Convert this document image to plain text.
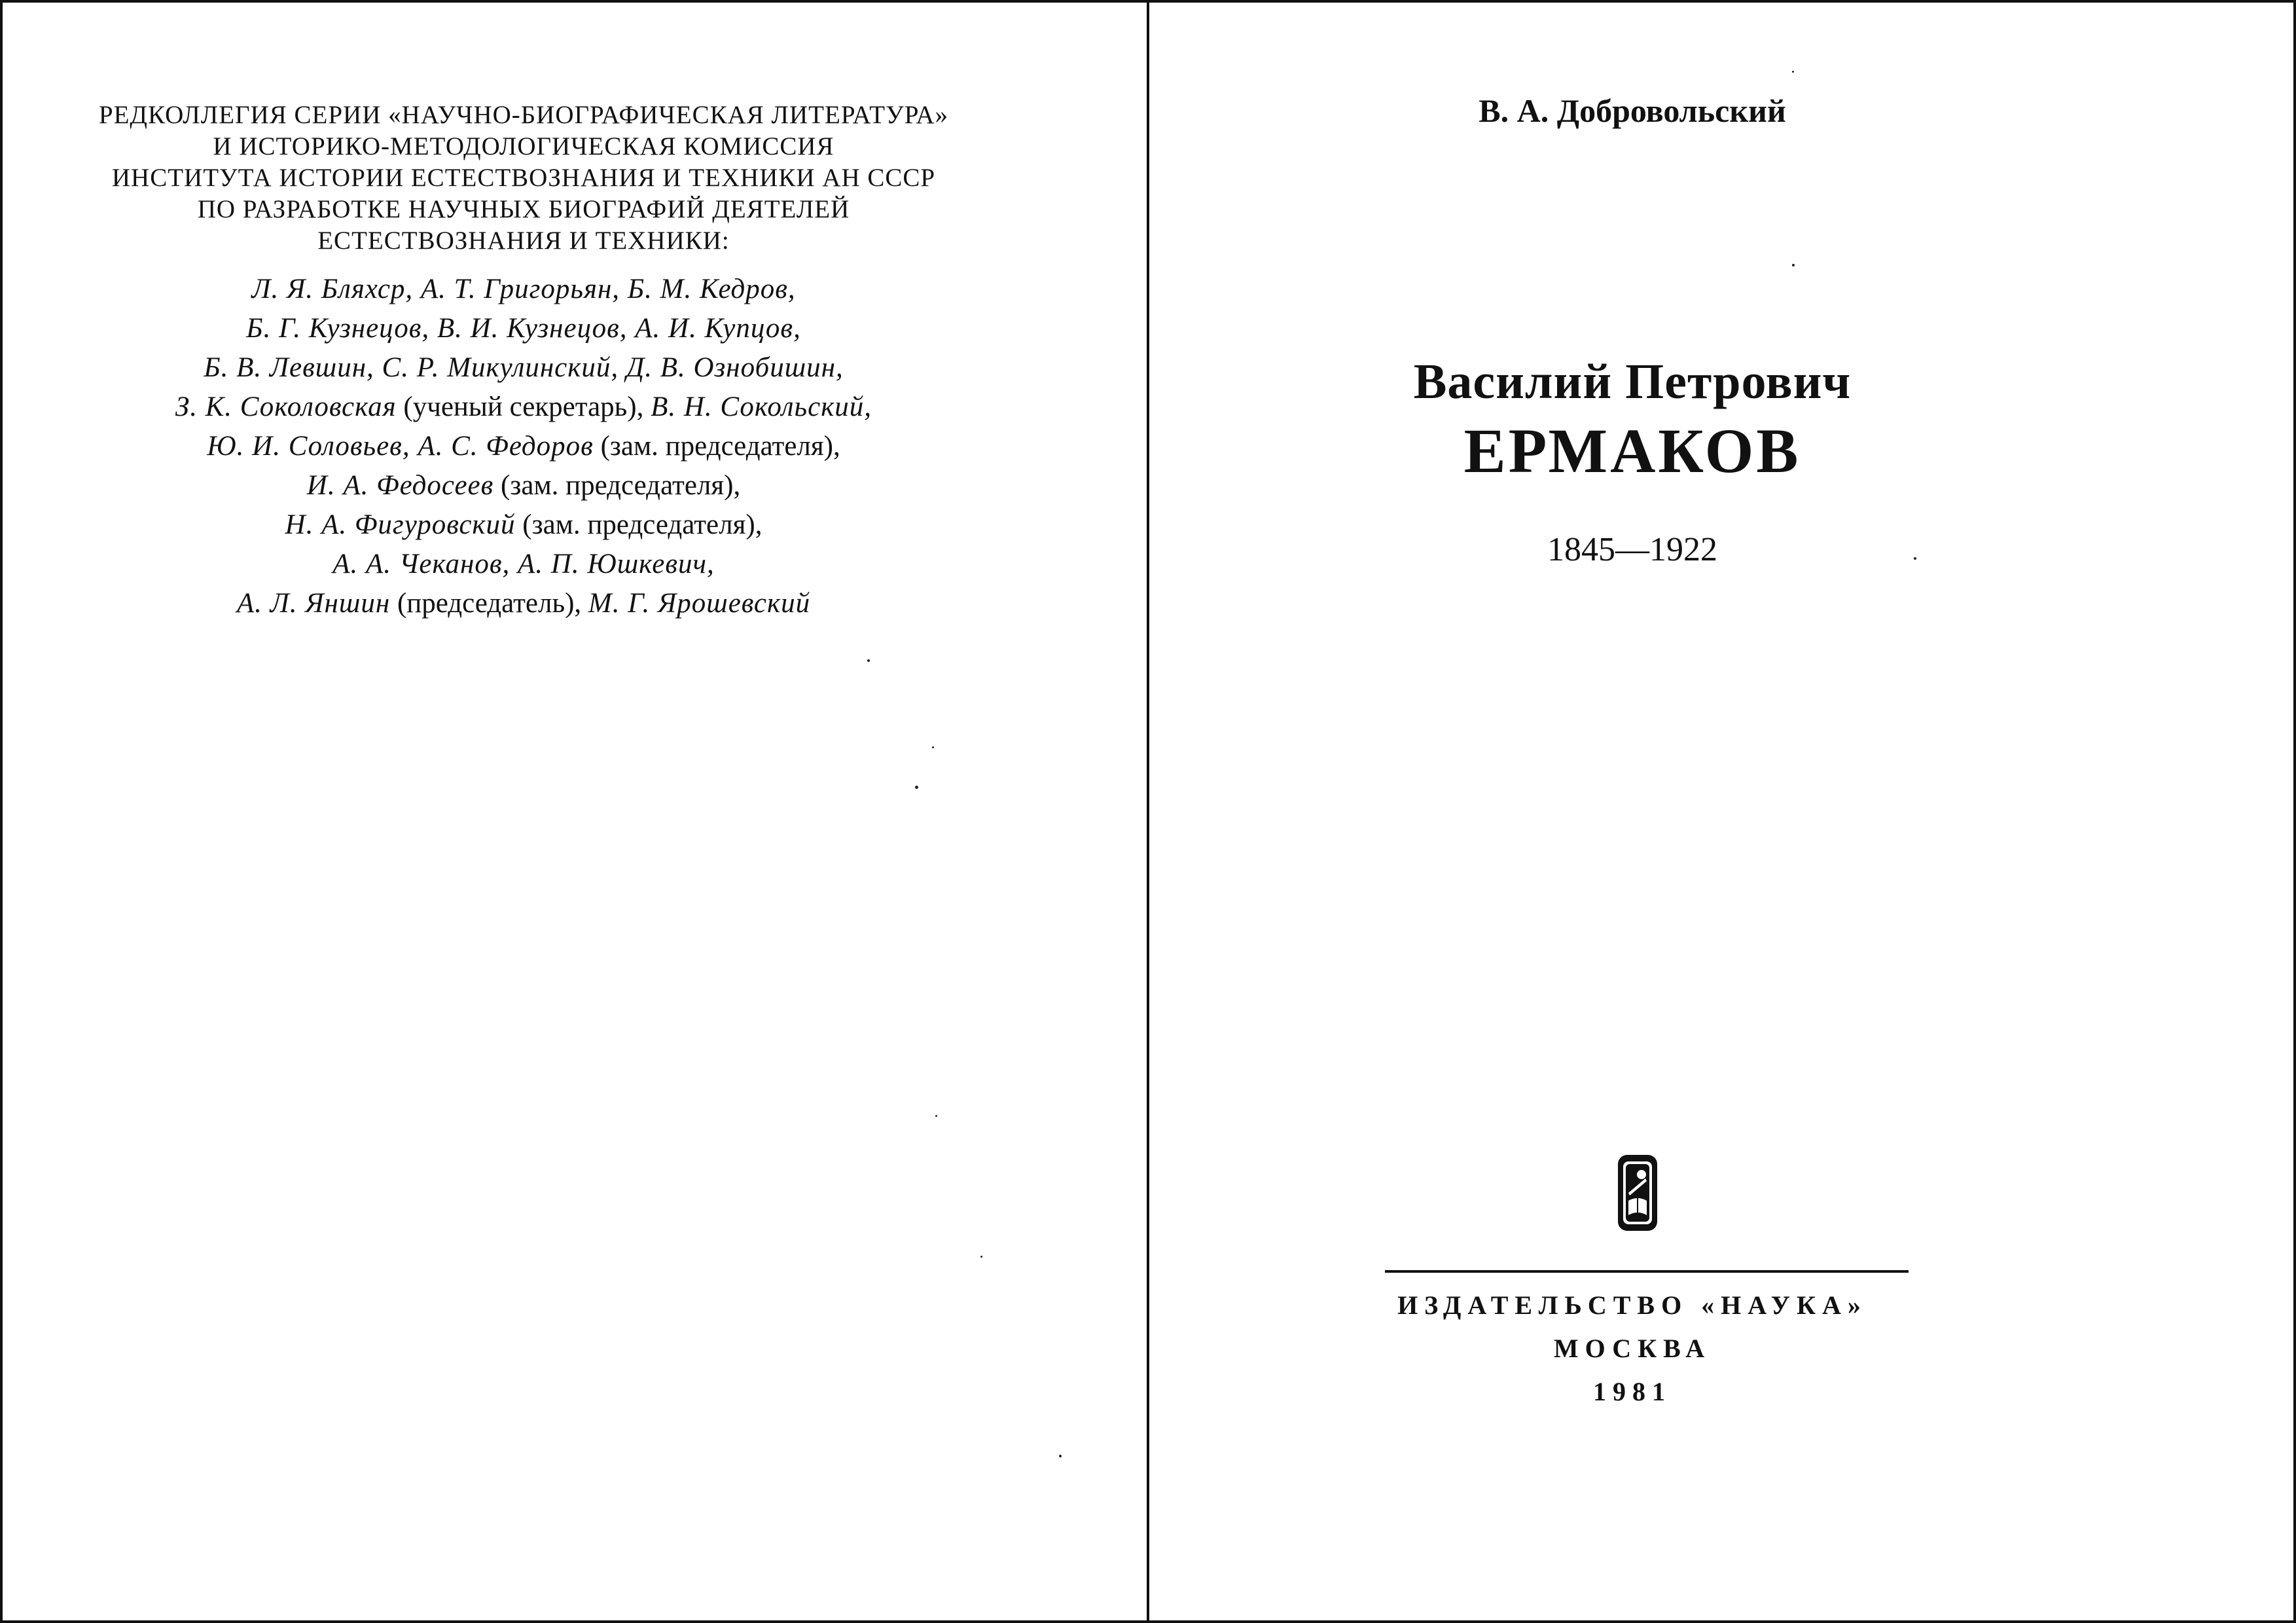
РЕДКОЛЛЕГИЯ СЕРИИ «НАУЧНО-БИОГРАФИЧЕСКАЯ ЛИТЕРАТУРА»
И ИСТОРИКО-МЕТОДОЛОГИЧЕСКАЯ КОМИССИЯ
ИНСТИТУТА ИСТОРИИ ЕСТЕСТВОЗНАНИЯ И ТЕХНИКИ АН СССР
ПО РАЗРАБОТКЕ НАУЧНЫХ БИОГРАФИЙ ДЕЯТЕЛЕЙ
ЕСТЕСТВОЗНАНИЯ И ТЕХНИКИ:
Л. Я. Бляхср, А. Т. Григорьян, Б. М. Кедров,
Б. Г. Кузнецов, В. И. Кузнецов, А. И. Купцов,
Б. В. Левшин, С. Р. Микулинский, Д. В. Ознобишин,
З. К. Соколовская (ученый секретарь), В. Н. Сокольский,
Ю. И. Соловьев, А. С. Федоров (зам. председателя),
И. А. Федосеев (зам. председателя),
Н. А. Фигуровский (зам. председателя),
А. А. Чеканов, А. П. Юшкевич,
А. Л. Яншин (председатель), М. Г. Ярошевский
В. А. Добровольский
Василий Петрович
ЕРМАКОВ
1845—1922
ИЗДАТЕЛЬСТВО «НАУКА»
МОСКВА
1981
